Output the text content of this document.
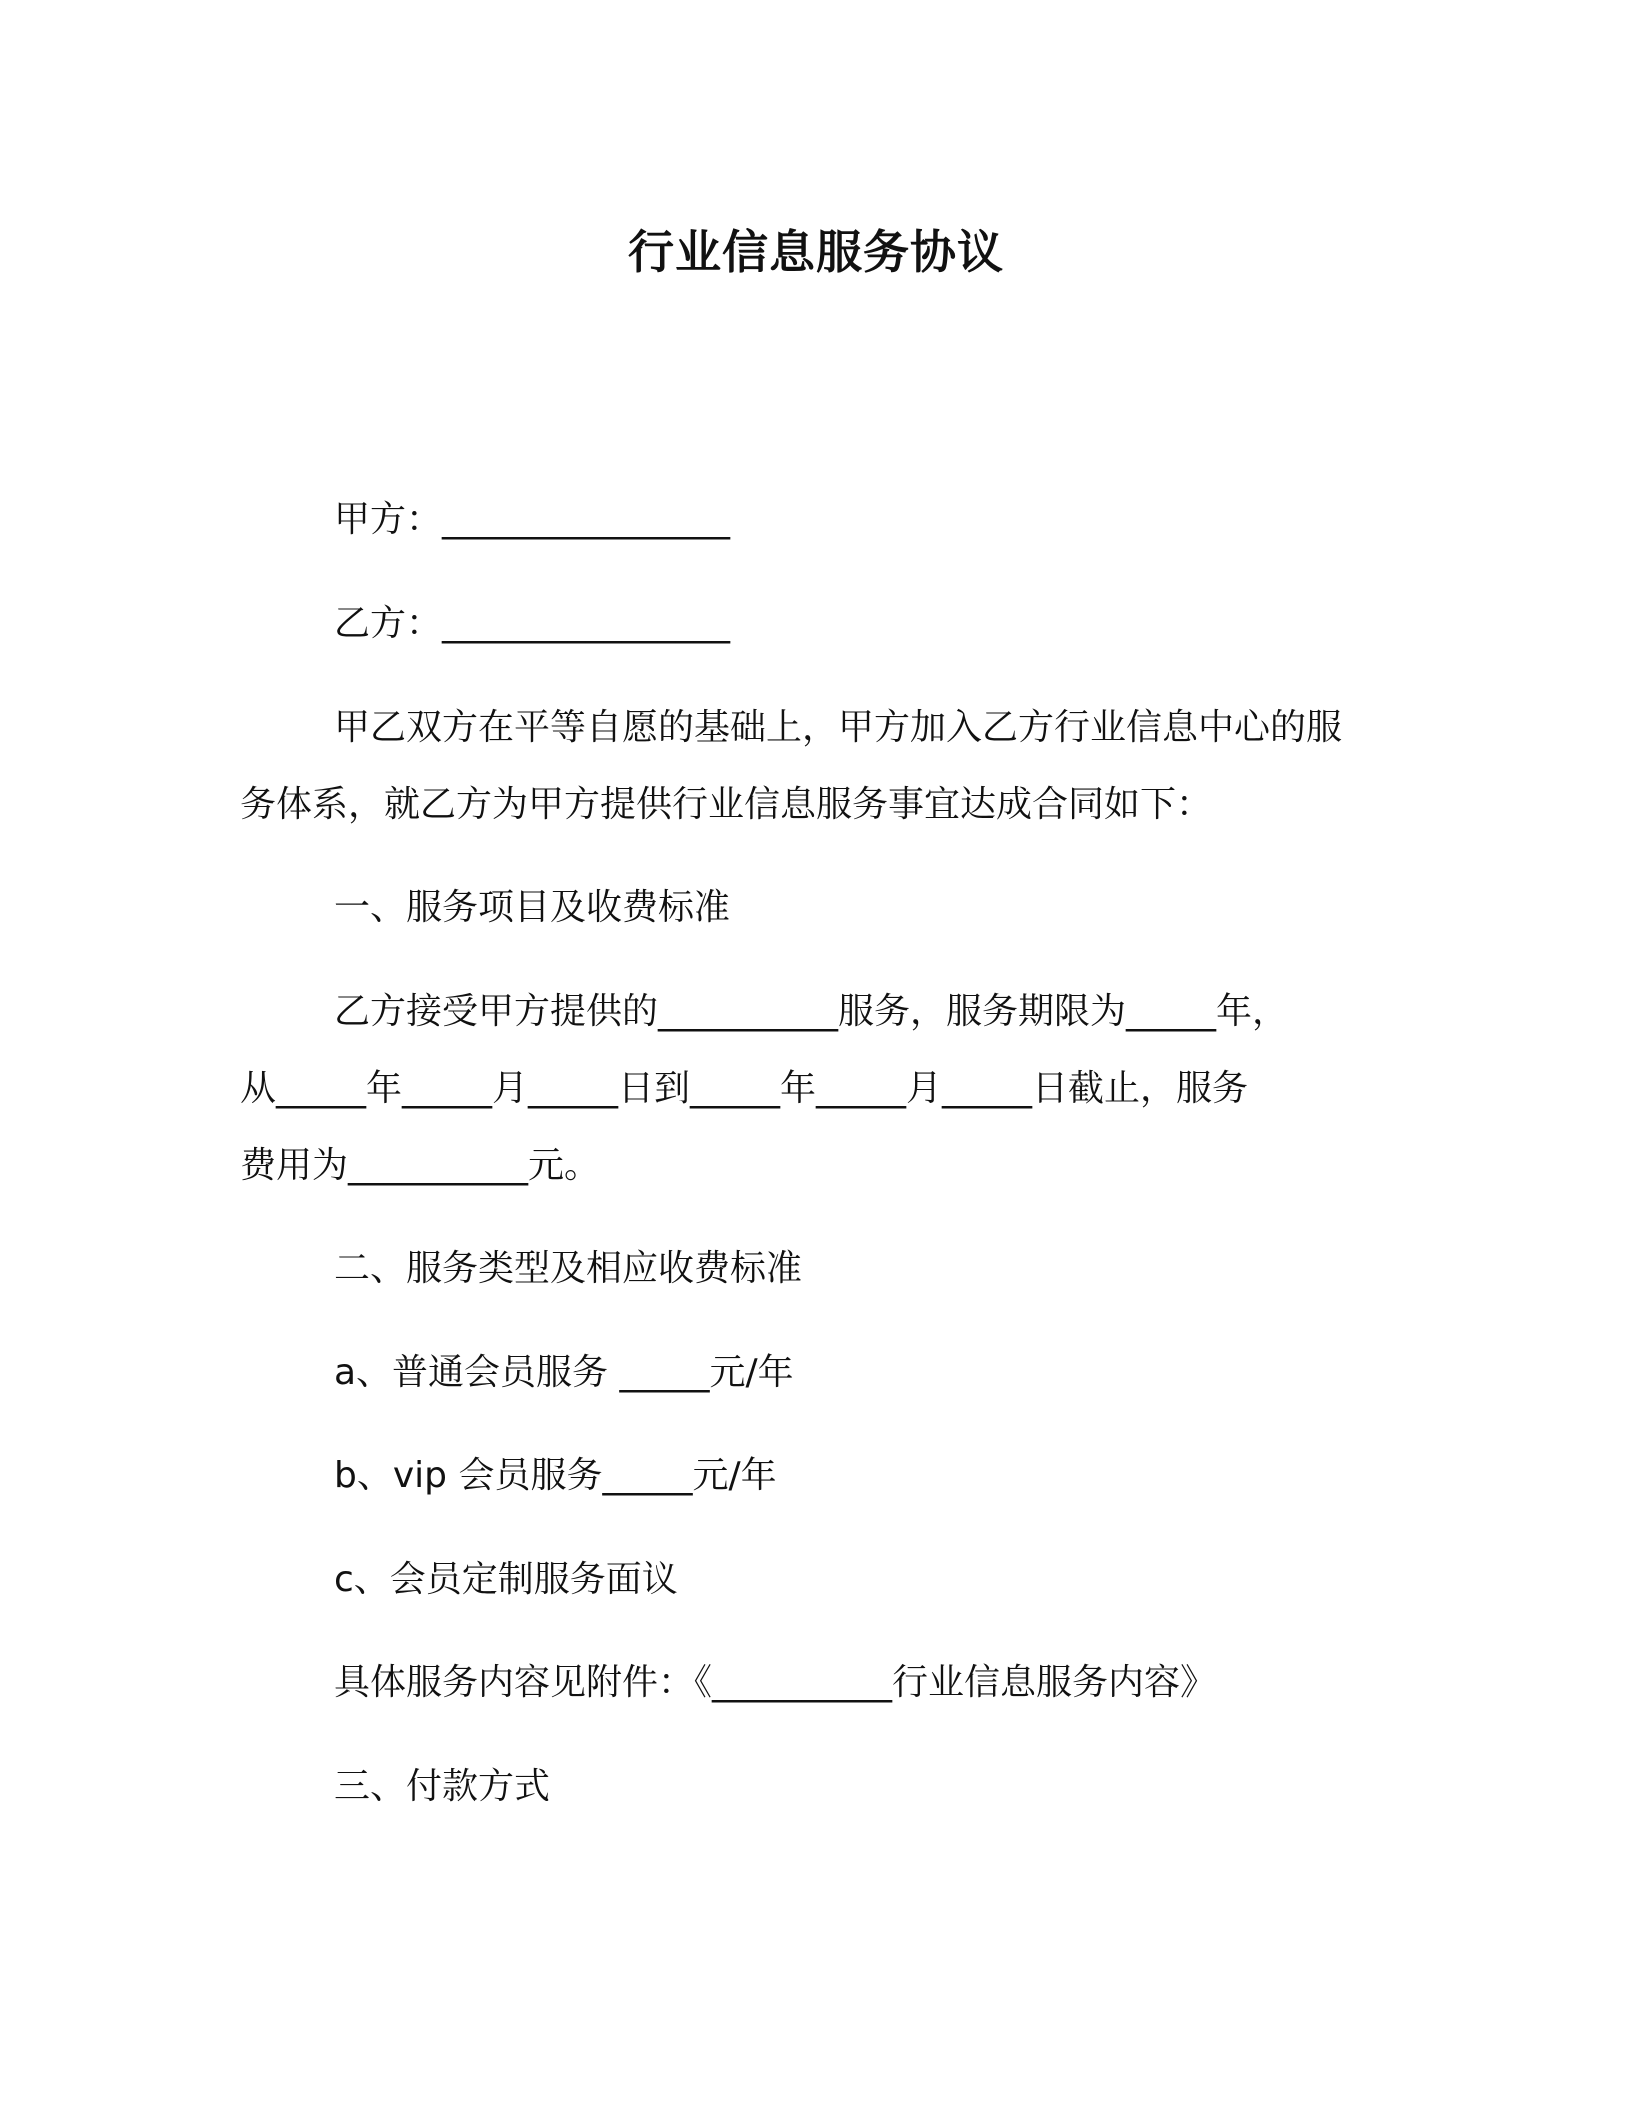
行业信息服务协议
甲方：________________
乙方：________________
甲乙双方在平等自愿的基础上，甲方加入乙方行业信息中心的服
务体系，就乙方为甲方提供行业信息服务事宜达成合同如下：
一、服务项目及收费标准
乙方接受甲方提供的__________服务，服务期限为_____年，
从_____年_____月_____日到_____年_____月_____日截止，服务
费用为__________元。
二、服务类型及相应收费标准
a、普通会员服务 _____元/年
b、vip 会员服务_____元/年
c、会员定制服务面议
具体服务内容见附件：《__________行业信息服务内容》
三、付款方式
